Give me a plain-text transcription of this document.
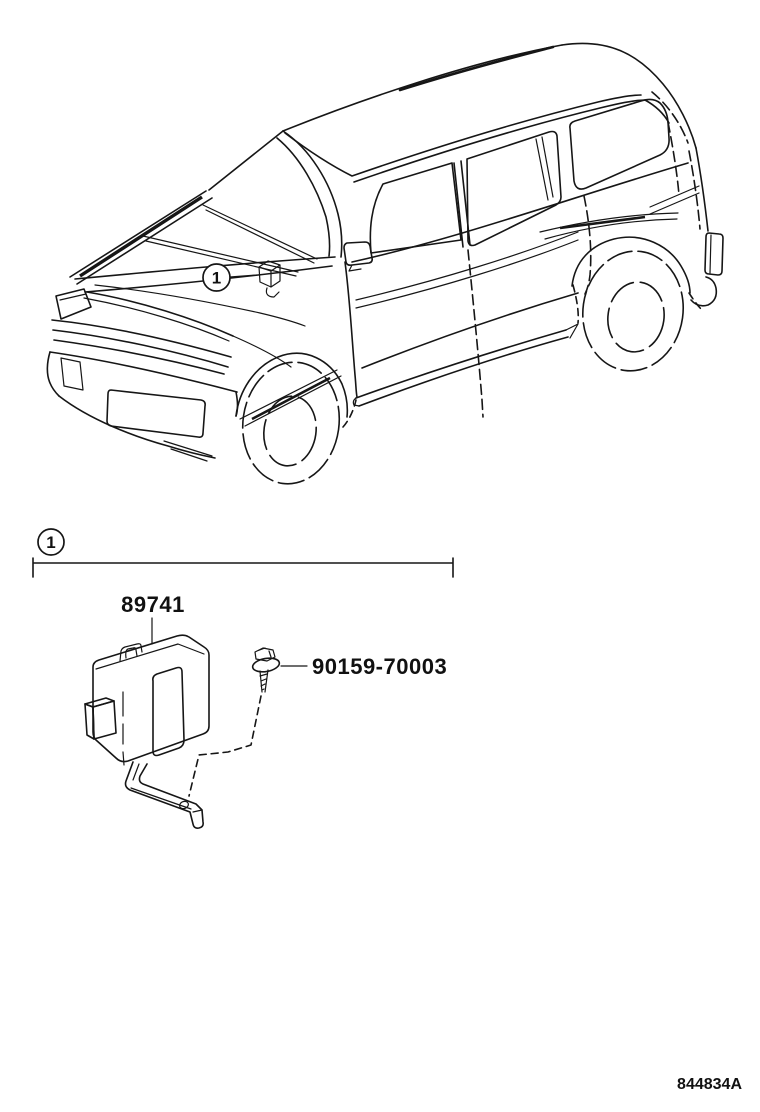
1
1
89741
90159-70003
844834A
